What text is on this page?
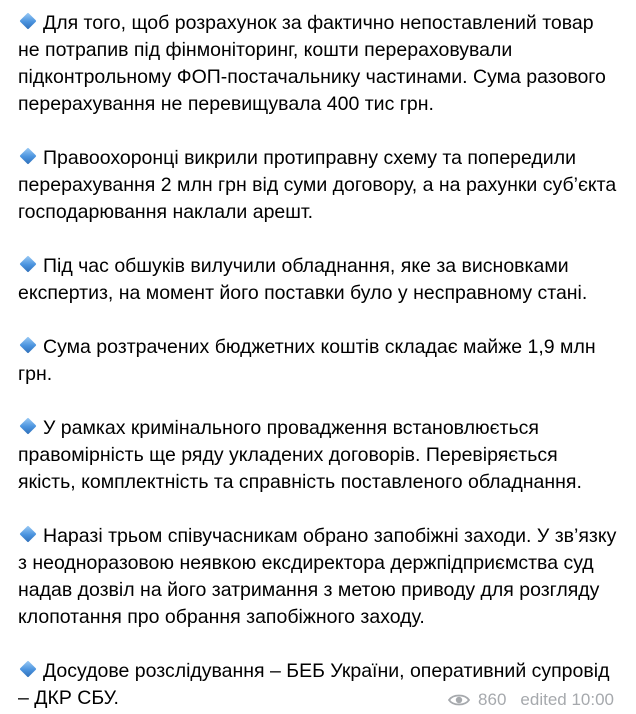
Для того, щоб розрахунок за фактично непоставлений товар не потрапив під фінмоніторинг, кошти перераховували підконтрольному ФОП-постачальнику частинами. Сума разового перерахування не перевищувала 400 тис грн.

Правоохоронці викрили протиправну схему та попередили перерахування 2 млн грн від суми договору, а на рахунки суб’єкта господарювання наклали арешт.

Під час обшуків вилучили обладнання, яке за висновками експертиз, на момент його поставки було у несправному стані.

Сума розтрачених бюджетних коштів складає майже 1,9 млн грн.

У рамках кримінального провадження встановлюється правомірність ще ряду укладених договорів. Перевіряється якість, комплектність та справність поставленого обладнання.

Наразі трьом співучасникам обрано запобіжні заходи. У зв’язку з неодноразовою неявкою ексдиректора держпідприємства суд надав дозвіл на його затримання з метою приводу для розгляду клопотання про обрання запобіжного заходу.

Досудове розслідування – БЕБ України, оперативний супровід – ДКР СБУ.	860 edited 10:00
